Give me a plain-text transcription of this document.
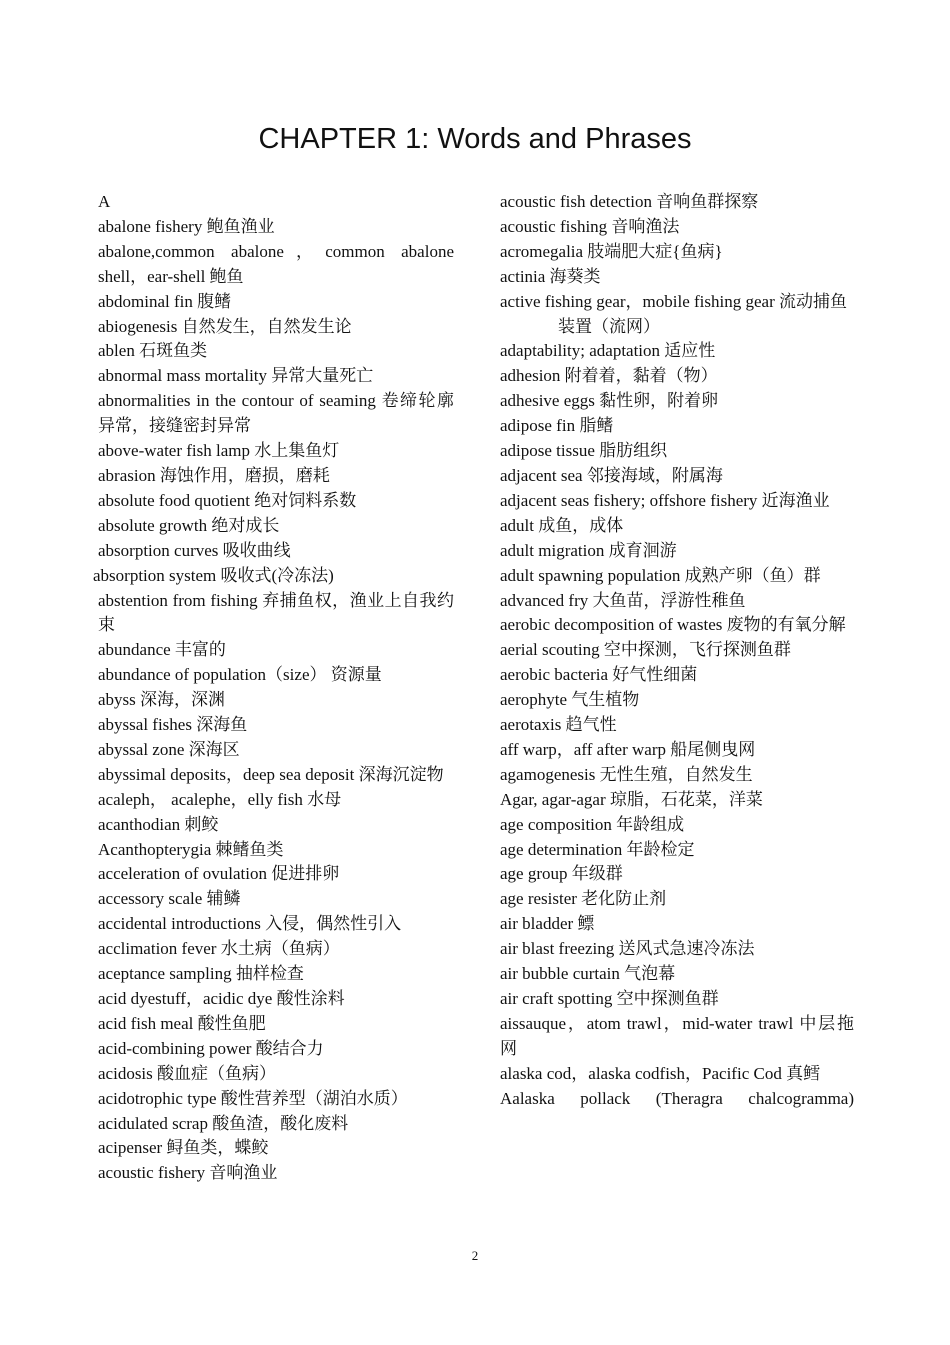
CHAPTER 1: Words and Phrases

A

abalone fishery 鲍鱼渔业

abalone,common abalone，common abalone shell，ear-shell 鲍鱼

abdominal fin 腹鳍

abiogenesis 自然发生，自然发生论

ablen 石斑鱼类

abnormal mass mortality 异常大量死亡

abnormalities in the contour of seaming 卷缔轮廓异常，接缝密封异常

above-water fish lamp 水上集鱼灯

abrasion 海蚀作用，磨损，磨耗

absolute food quotient 绝对饲料系数

absolute growth 绝对成长

absorption curves 吸收曲线

absorption system 吸收式(冷冻法)

abstention from fishing 弃捕鱼权，渔业上自我约束

abundance 丰富的

abundance of population（size） 资源量

abyss 深海，深渊

abyssal fishes 深海鱼

abyssal zone 深海区

abyssimal deposits，deep sea deposit 深海沉淀物

acaleph， acalephe，elly fish 水母

acanthodian 刺鲛

Acanthopterygia 棘鳍鱼类

acceleration of ovulation 促进排卵

accessory scale 辅鳞

accidental introductions 入侵，偶然性引入

acclimation fever 水土病（鱼病）

aceptance sampling 抽样检查

acid dyestuff，acidic dye 酸性涂料

acid fish meal 酸性鱼肥

acid-combining power 酸结合力

acidosis 酸血症（鱼病）

acidotrophic type 酸性营养型（湖泊水质）

acidulated scrap 酸鱼渣，酸化废料

acipenser 鲟鱼类，蝶鲛

acoustic fishery 音响渔业

acoustic fish detection 音响鱼群探察

acoustic fishing 音响渔法

acromegalia 肢端肥大症{鱼病}

actinia 海葵类

active fishing gear，mobile fishing gear 流动捕鱼装置（流网）

adaptability; adaptation 适应性

adhesion 附着着，黏着（物）

adhesive eggs 黏性卵，附着卵

adipose fin 脂鳍

adipose tissue 脂肪组织

adjacent sea 邻接海域，附属海

adjacent seas fishery; offshore fishery 近海渔业

adult 成鱼，成体

adult migration 成育洄游

adult spawning population 成熟产卵（鱼）群

advanced fry 大鱼苗，浮游性稚鱼

aerobic decomposition of wastes 废物的有氧分解

aerial scouting 空中探测，飞行探测鱼群

aerobic bacteria 好气性细菌

aerophyte 气生植物

aerotaxis 趋气性

aff warp，aff after warp 船尾侧曳网

agamogenesis 无性生殖，自然发生

Agar, agar-agar 琼脂，石花菜，洋菜

age composition 年龄组成

age determination 年龄检定

age group 年级群

age resister 老化防止剂

air bladder 鳔

air blast freezing 送风式急速冷冻法

air bubble curtain 气泡幕

air craft spotting 空中探测鱼群

aissauque，atom trawl，mid-water trawl 中层拖网

alaska cod，alaska codfish，Pacific Cod 真鳕

Aalaska pollack (Theragra chalcogramma)

2
